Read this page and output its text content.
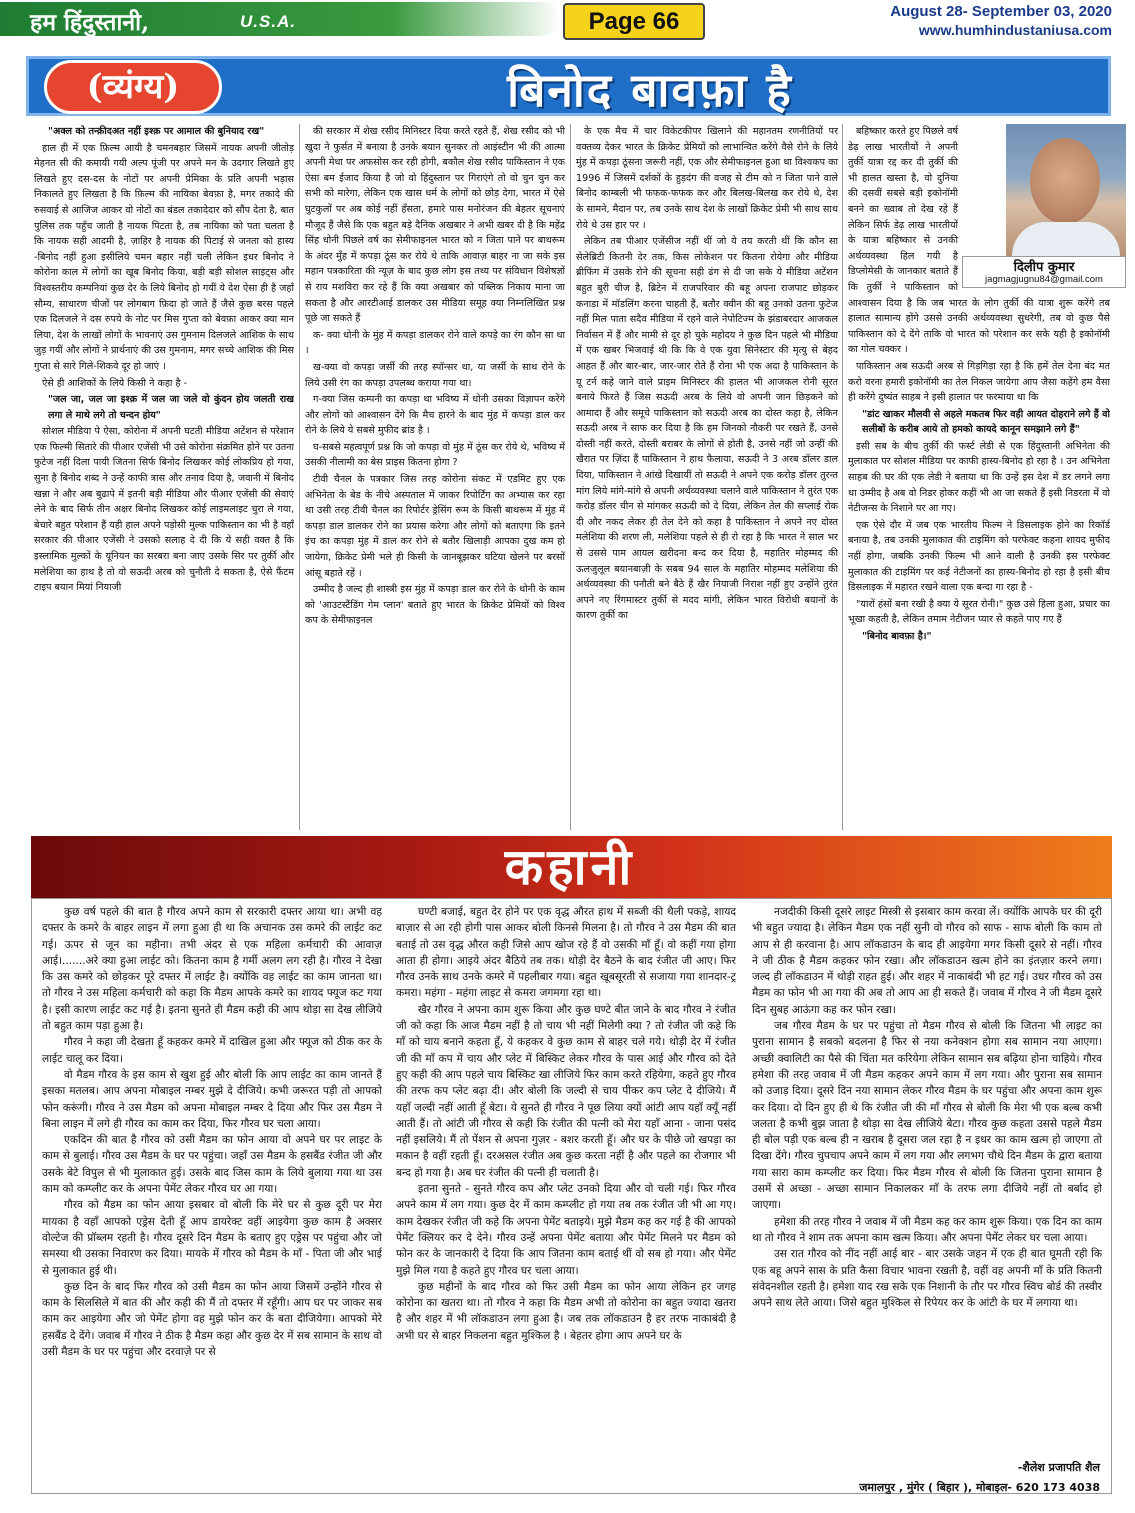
हम हिंदुस्तानी,	U.S.A.	Page 66	August 28- September 03, 2020
www.humhindustaniusa.com
(व्यंग्य)	बिनोद बावफ़ा है

"अक्ल को तन्क़ीदअत नहीं इश्क़ पर आमाल की बुनियाद रख"

हाल ही में एक फ़िल्म आयी है चमनबहार जिसमें नायक अपनी जीतोड़ मेहनत सी की कमायी गयी अल्प पूंजी पर अपने मन के उदगार लिखते हुए लिखते हुए दस-दस के नोटों पर अपनी प्रेमिका के प्रति अपनी भड़ास निकालते हुए लिखता है कि फ़िल्म की नायिका बेवफ़ा है, मगर तकादे की रुसवाई से आजिज आकर वो नोटों का बंडल तकादेदार को सौंप देता है, बात पुलिस तक पहुँच जाती है नायक पिटता है, तब नायिका को पता चलता है कि नायक सही आदमी है, ज़ाहिर है नायक की पिटाई से जनता को हास्य -बिनोद नहीं हुआ इसीलिये चमन बहार नहीं चली लेकिन इधर बिनोद ने कोरोना काल में लोगों का खूब बिनोद किया, बड़ी बड़ी सोशल साइट्स और विश्वस्तरीय कम्पनियां कुछ देर के लिये बिनोद हो गयीं ये देश ऐसा ही है जहाँ सौम्य, साधारण चीजों पर लोगबाग फ़िदा हो जाते हैं जैसे कुछ बरस पहले एक दिलजले ने दस रुपये के नोट पर मिस गुप्ता को बेवफ़ा आकर क्या मान लिया, देश के लाखों लोगों के भावनाएं उस गुमनाम दिलजले आशिक के साथ जुड़ गयीं और लोगों ने प्रार्थनाएं की उस गुमनाम, मगर सच्चे आशिक की मिस गुप्ता से सारे गिले-शिकवे दूर हो जाएं ।

ऐसे ही आशिकों के लिये किसी ने कहा है -

"जल जा, जल जा इश्क़ में जल जा जले वो कुंदन होय जलती राख लगा ले माथे लगे तो चन्दन होय"

सोशल मीडिया पे ऐसा, कोरोना में अपनी घटती मीडिया अटेंशन से परेशान एक फिल्मी सितारे की पीआर एजेंसी भी उसे कोरोना संक्रमित होने पर उतना फुटेज नहीं दिला पायी जितना सिर्फ बिनोद लिखकर कोई लोकप्रिय हो गया, सुना है बिनोद शब्द ने उन्हें काफी त्रास और तनाव दिया है, जवानी में बिनोद खन्ना ने और अब बुढापे में इतनी बड़ी मीडिया और पीआर एजेंसी की सेवाएं लेने के बाद सिर्फ तीन अक्षर बिनोद लिखकर कोई लाइमलाइट चुरा ले गया, बेचारे बहुत परेशान हैं यही हाल अपने पड़ोसी मुल्क पाकिस्तान का भी है वहाँ सरकार की पीआर एजेंसी ने उसको सलाह दे दी कि ये सही वक्त है कि इस्लामिक मुल्कों के यूनियन का सरबरा बना जाए उसके सिर पर तुर्की और मलेशिया का हाथ है तो वो सऊदी अरब को चुनौती दे सकता है, ऐसे फैंटम टाइप बयान मियां नियाजी

की सरकार में शेख रसीद मिनिस्टर दिया करते रहते हैं, शेख रसीद को भी खुदा ने फुर्सत में बनाया है उनके बयान सुनकर तो आइंस्टीन भी की आत्मा अपनी मेधा पर अफसोस कर रही होगी, बकौल शेख रसीद पाकिस्तान ने एक ऐसा बम ईजाद किया है जो वो हिंदुस्तान पर गिराएंगे तो वो चुन चुन कर सभी को मारेगा, लेकिन एक खास धर्म के लोगों को छोड़ देगा, भारत में ऐसे घुटकुलों पर अब कोई नहीं हँसता, हमारे पास मनोरंजन की बेहतर सूचनाएं मौजूद हैं जैसे कि एक बहुत बड़े दैनिक अखबार ने अभी खबर दी है कि महेंद्र सिंह धोनी पिछले वर्ष का सेमीफाइनल भारत को न जिता पाने पर बाथरूम के अंदर मुँह में कपड़ा ठूंस कर रोये थे ताकि आवाज़ बाहर ना जा सके इस महान पत्रकारिता की न्यूज़ के बाद कुछ लोग इस तथ्य पर संविधान विशेषज्ञों से राय मशविरा कर रहे हैं कि क्या अखबार को पब्लिक निकाय माना जा सकता है और आरटीआई डालकर उस मीडिया समूह क्या निम्नलिखित प्रश्न पूछे जा सकते हैं

क- क्या धोनी के मुंह में कपड़ा डालकर रोने वाले कपड़े का रंग कौन सा था ।

ख-क्या वो कपड़ा जर्सी की तरह स्पॉन्सर था, या जर्सी के साथ रोने के लिये उसी रंग का कपड़ा उपलब्ध कराया गया था।

ग-क्या जिस कम्पनी का कपड़ा था भविष्य में धोनी उसका विज्ञापन करेंगे और लोगों को आश्वासन देंगे कि मैच हारने के बाद मुंह में कपड़ा डाल कर रोने के लिये ये सबसे मुफीद ब्रांड है ।

घ-सबसे महत्वपूर्ण प्रश्न कि जो कपड़ा वो मुंह में ठूंस कर रोये थे, भविष्य में उसकी नीलामी का बेस प्राइस कितना होगा ?

टीवी चैनल के पत्रकार जिस तरह कोरोना संकट में एडमिट हुए एक अभिनेता के बेड के नीचे अस्पताल में जाकर रिपोर्टिंग का अभ्यास कर रहा था उसी तरह टीवी चैनल का रिपोर्टर ड्रेसिंग रूम के किसी बाथरूम में मुंह में कपड़ा डाल डालकर रोने का प्रयास करेगा और लोगों को बताएगा कि इतने इंच का कपड़ा मुंह में डाल कर रोने से बतौर खिलाड़ी आपका दुख कम हो जायेगा, क्रिकेट प्रेमी भले ही किसी के जानबूझकर घटिया खेलने पर बरसों आंसू बहाते रहें ।

उम्मीद है जल्द ही शास्त्री इस मुंह में कपड़ा डाल कर रोने के धोनी के काम को 'आउटस्टैंडिंग गेम प्लान' बताते हुए भारत के क्रिकेट प्रेमियों को विश्व कप के सेमीफाइनल

के एक मैच में चार विकेटकीपर खिलाने की महानतम रणनीतियों पर वक्तव्य देकर भारत के क्रिकेट प्रेमियों को लाभान्वित करेंगे वैसे रोने के लिये मुंह में कपड़ा ठूंसना जरूरी नहीं, एक और सेमीफाइनल हुआ था विश्वकप का 1996 में जिसमें दर्शकों के हुड़दंग की वजह से टीम को न जिता पाने वाले बिनोद काम्बली भी फफक-फफक कर और बिलख-बिलख कर रोये थे, देश के सामने, मैदान पर, तब उनके साथ देश के लाखों क्रिकेट प्रेमी भी साथ साथ रोये थे उस हार पर ।

लेकिन तब पीआर एजेंसीज नहीं थीं जो ये तय करती थीं कि कौन सा सेलेब्रिटी कितनी देर तक, किस लोकेशन पर कितना रोयेगा और मीडिया ब्रीफिंग में उसके रोने की सूचना सही ढंग से दी जा सके ये मीडिया अटेंशन बहुत बुरी चीज है, ब्रिटेन में राजपरिवार की बहू अपना राजपाट छोड़कर कनाडा में मॉडलिंग करना चाहती हैं, बतौर क्वीन की बहू उनको उतना फुटेज नहीं मिल पाता सदैव मीडिया में रहने वाले नेपोटिज्म के झंडाबरदार आजकल निर्वासन में हैं और मामी से दूर हो चुके महोदय ने कुछ दिन पहले भी मीडिया में एक खबर भिजवाई थी कि कि वे एक युवा सिनेस्टार की मृत्यु से बेहद आहत हैं और बार-बार, जार-जार रोते हैं रोना भी एक अदा है पाकिस्तान के यू टर्न कहे जाने वाले प्राइम मिनिस्टर की हालत भी आजकल रोनी सूरत बनाये फिरते हैं जिस सऊदी अरब के लिये वो अपनी जान छिड़कने को आमादा हैं और समूचे पाकिस्तान को सऊदी अरब का दोस्त कहा है, लेकिन सऊदी अरब ने साफ कर दिया है कि हम जिनको नौकरी पर रखते हैं, उनसे दोस्ती नहीं करते, दोस्ती बराबर के लोगों से होती है, उनसे नहीं जो उन्हीं की खैरात पर ज़िंदा हैं पाकिस्तान ने हाथ फैलाया, सऊदी ने 3 अरब डॉलर डाल दिया, पाकिस्तान ने आंखे दिखायीं तो सऊदी ने अपने एक करोड़ डॉलर तुरन्त मांग लिये मांगे-मांगे से अपनी अर्थव्यवस्था चलाने वाले पाकिस्तान ने तुरंत एक करोड़ डॉलर चीन से मांगकर सऊदी को दे दिया, लेकिन तेल की सप्लाई रोक दी और नकद लेकर ही तेल देने को कहा है पाकिस्तान ने अपने नए दोस्त मलेशिया की शरण ली, मलेशिया पहले से ही रो रहा है कि भारत ने साल भर से उससे पाम आयल खरीदना बन्द कर दिया है, महातिर मोहम्मद की ऊलजुलूल बयानबाज़ी के सबब 94 साल के महातिर मोहम्मद मलेशिया की अर्थव्यवस्था की पनौती बने बैठे हैं खैर नियाजी निराश नहीं हुए उन्होंने तुरंत अपने नए रिंगमास्टर तुर्की से मदद मांगी, लेकिन भारत विरोधी बयानों के कारण तुर्की का

बहिष्कार करते हुए पिछले वर्ष डेढ़ लाख भारतीयों ने अपनी तुर्की यात्रा रद्द कर दी तुर्की की भी हालत खस्ता है, वो दुनिया की दसवीं सबसे बड़ी इकोनॉमी बनने का ख्वाब तो देख रहे हैं लेकिन सिर्फ डेढ़ लाख भारतीयों के यात्रा बहिष्कार से उनकी अर्थव्यवस्था हिल गयी है डिप्लोमेसी के जानकार बताते हैं कि तुर्की ने पाकिस्तान को आश्वासन दिया है कि जब भारत के लोग तुर्की की यात्रा शुरू करेंगे तब हालात सामान्य होंगे उससे उनकी अर्थव्यवस्था सुधरेगी, तब वो कुछ पैसे पाकिस्तान को दे देंगे ताकि वो भारत को परेशान कर सके यही है इकोनॉमी का गोल चक्कर ।

पाकिस्तान अब सऊदी अरब से गिड़गिड़ा रहा है कि हमें तेल देना बंद मत करो वरना हमारी इकोनॉमी का तेल निकल जायेगा आप जैसा कहेंगे हम वैसा ही करेंगे दुष्यंत साहब ने इसी हालात पर फरमाया था कि

"डांट खाकर मौलवी से अहले मकतब फिर वही आयत दोहराने लगे हैं वो सलीबों के करीब आये तो हमको कायदे कानून समझाने लगे हैं"

इसी सब के बीच तुर्की की फर्स्ट लेडी से एक हिंदुस्तानी अभिनेता की मुलाकात पर सोशल मीडिया पर काफी हास्य-बिनोद हो रहा है । उन अभिनेता साहब की घर की एक लेडी ने बताया था कि उन्हें इस देश में डर लगने लगा था उम्मीद है अब वो निडर होकर कहीं भी आ जा सकते हैं इसी निडरता में वो नेटीजन्स के निशाने पर आ गए।

एक ऐसे दौर में जब एक भारतीय फिल्म ने डिसलाइक होने का रिकॉर्ड बनाया है, तब उनकी मुलाकात की टाइमिंग को परफेक्ट कहना शायद मुफीद नहीं होगा, जबकि उनकी फिल्म भी आने वाली है उनकी इस परफेक्ट मुलाकात की टाइमिंग पर कई नेटीजनों का हास्य-बिनोद हो रहा है इसी बीच डिसलाइक में महारत रखने वाला एक बन्दा गा रहा है -

"यारों हंसों बना रखी है क्या ये सूरत रोनी।" कुछ उसे हिला हुआ, प्रचार का भूखा कहती है, लेकिन तमाम नेटीजन प्यार से कहते पाए गए हैं

"बिनोद बावफ़ा है।"

दिलीप कुमार
jagmagjugnu84@gmail.com
कहानी

कुछ वर्ष पहले की बात है गौरव अपने काम से सरकारी दफ्तर आया था। अभी वह दफ्तर के कमरे के बाहर लाइन में लगा हुआ ही था कि अचानक उस कमरे की लाईट कट गई। ऊपर से जून का महीना। तभी अंदर से एक महिला कर्मचारी की आवाज़ आई।.......अरे क्या हुआ लाईट को। कितना काम है गर्मी अलग लग रही है। गौरव ने देखा कि उस कमरे को छोड़कर पूरे दफ्तर में लाईट है। क्योंकि वह लाईट का काम जानता था। तो गौरव ने उस महिला कर्मचारी को कहा कि मैडम आपके कमरे का शायद फ्यूज कट गया है। इसी कारण लाईट कट गई है। इतना सुनते ही मैडम कही की आप थोड़ा सा देख लीजिये तो बहुत काम पड़ा हुआ है।

गौरव ने कहा जी देखता हूँ कहकर कमरे में दाखिल हुआ और फ्यूज को ठीक कर के लाईट चालू कर दिया।

वो मैडम गौरव के इस काम से खुश हुई और बोली कि आप लाईट का काम जानते हैं इसका मतलब। आप अपना मोबाइल नम्बर मुझे दे दीजिये। कभी जरूरत पड़ी तो आपको फोन करूंगी। गौरव ने उस मैडम को अपना मोबाइल नम्बर दे दिया और फिर उस मैडम ने बिना लाइन में लगे ही गौरव का काम कर दिया, फिर गौरव घर चला आया।

एकदिन की बात है गौरव को उसी मैडम का फोन आया वो अपने घर पर लाइट के काम से बुलाई। गौरव उस मैडम के घर पर पहुंचा। जहाँ उस मैडम के हसबैंड रंजीत जी और उसके बेटे विपुल से भी मुलाकात हुई। उसके बाद जिस काम के लिये बुलाया गया था उस काम को कम्प्लीट कर के अपना पेमेंट लेकर गौरव घर आ गया।

गौरव को मैडम का फोन आया इसबार वो बोली कि मेरे घर से कुछ दूरी पर मेरा मायका है वहाँ आपको एड्रेस देती हूँ आप डायरेक्ट वहीं आइयेगा कुछ काम है अक्सर वोल्टेज की प्रॉब्लम रहती है। गौरव दूसरे दिन मैडम के बताए हुए एड्रेस पर पहुंचा और जो समस्या थी उसका निवारण कर दिया। मायके में गौरव को मैडम के माँ - पिता जी और भाई से मुलाकात हुई थी।

कुछ दिन के बाद फिर गौरव को उसी मैडम का फोन आया जिसमें उन्होंने गौरव से काम के सिलसिले में बात की और कही की मैं तो दफ्तर में रहूँगी। आप घर पर जाकर सब काम कर आइयेगा और जो पेमेंट होगा वह मुझे फोन कर के बता दीजियेगा। आपको मेरे हसबैंड दे देंगे। जवाब में गौरव ने ठीक है मैडम कहा और कुछ देर में सब सामान के साथ वो उसी मैडम के घर पर पहुंचा और दरवाज़े पर से

घण्टी बजाई, बहुत देर होने पर एक वृद्ध औरत हाथ में सब्जी की थैली पकड़े, शायद बाज़ार से आ रही होगी पास आकर बोली किनसे मिलना है। तो गौरव ने उस मैडम की बात बताई तो उस वृद्ध औरत कही जिसे आप खोज रहे हैं वो उसकी माँ हूँ। वो कहीं गया होगा आता ही होगा। आइये अंदर बैठिये तब तक। थोड़ी देर बैठने के बाद रंजीत जी आए। फिर गौरव उनके साथ उनके कमरे में पहलीबार गया। बहुत खूबसूरती से सजाया गया शानदार-ट्र कमरा। महंगा - महंगा लाइट से कमरा जगमगा रहा था।

खैर गौरव ने अपना काम शुरू किया और कुछ घण्टे बीत जाने के बाद गौरव ने रंजीत जी को कहा कि आज मैडम नहीं है तो चाय भी नहीं मिलेगी क्या ? तो रंजीत जी कहे कि माँ को चाय बनाने कहता हूँ, ये कहकर वे कुछ काम से बाहर चले गये। थोड़ी देर में रंजीत जी की माँ कप में चाय और प्लेट में बिस्किट लेकर गौरव के पास आई और गौरव को देते हुए कही की आप पहले चाय बिस्किट खा लीजिये फिर काम करते रहियेगा, कहते हुए गौरव की तरफ कप प्लेट बढ़ा दी। और बोली कि जल्दी से चाय पीकर कप प्लेट दे दीजिये। मैं यहाँ जल्दी नहीं आती हूँ बेटा। ये सुनते ही गौरव ने पूछ लिया क्यों आंटी आप यहाँ क्यूँ नहीं आती हैं। तो आंटी जी गौरव से कही कि रंजीत की पत्नी को मेरा यहाँ आना - जाना पसंद नहीं इसलिये। मैं तो पेंशन से अपना गुज़र - बशर करती हूँ। और घर के पीछे जो खपड़ा का मकान है वहीं रहती हूँ। दरअसल रंजीत अब कुछ करता नहीं है और पहले का रोजगार भी बन्द हो गया है। अब घर रंजीत की पत्नी ही चलाती है।

इतना सुनते - सुनते गौरव कप और प्लेट उनको दिया और वो चली गई। फिर गौरव अपने काम में लग गया। कुछ देर में काम कम्प्लीट हो गया तब तक रंजीत जी भी आ गए। काम देखकर रंजीत जी कहे कि अपना पेमेंट बताइये। मुझे मैडम कह कर गई है की आपको पेमेंट क्लियर कर दे देने। गौरव उन्हें अपना पेमेंट बताया और पेमेंट मिलने पर मैडम को फोन कर के जानकारी दे दिया कि आप जितना काम बताई थीं वो सब हो गया। और पेमेंट मुझे मिल गया है कहते हुए गौरव घर चला आया।

कुछ महीनों के बाद गौरव को फिर उसी मैडम का फोन आया लेकिन हर जगह कोरोना का खतरा था। तो गौरव ने कहा कि मैडम अभी तो कोरोना का बहुत ज्यादा खतरा है और शहर में भी लॉकडाउन लगा हुआ है। जब तक लॉकडाउन है हर तरफ नाकाबंदी है अभी घर से बाहर निकलना बहुत मुश्किल है । बेहतर होगा आप अपने घर के

नजदीकी किसी दूसरे लाइट मिस्त्री से इसबार काम करवा लें। क्योंकि आपके घर की दूरी भी बहुत ज्यादा है। लेकिन मैडम एक नहीं सुनी वो गौरव को साफ - साफ बोली कि काम तो आप से ही करवाना है। आप लॉकडाउन के बाद ही आइयेगा मगर किसी दूसरे से नहीं। गौरव ने जी ठीक है मैडम कहकर फोन रखा। और लॉकडाउन खत्म होने का इंतज़ार करने लगा। जल्द ही लॉकडाउन में थोड़ी राहत हुई। और शहर में नाकाबंदी भी हट गई। उधर गौरव को उस मैडम का फोन भी आ गया की अब तो आप आ ही सकते हैं। जवाब में गौरव ने जी मैडम दूसरे दिन सुबह आऊंगा कह कर फोन रखा।

जब गौरव मैडम के घर पर पहुंचा तो मैडम गौरव से बोली कि जितना भी लाइट का पुराना सामान है सबको बदलना है फिर से नया कनेक्शन होगा सब सामान नया आएगा। अच्छी क्वालिटी का पैसे की चिंता मत करियेगा लेकिन सामान सब बढ़िया होना चाहिये। गौरव हमेशा की तरह जवाब में जी मैडम कहकर अपने काम में लग गया। और पुराना सब सामान को उजाड़ दिया। दूसरे दिन नया सामान लेकर गौरव मैडम के घर पहुंचा और अपना काम शुरू कर दिया। दो दिन हुए ही थे कि रंजीत जी की माँ गौरव से बोली कि मेरा भी एक बल्ब कभी जलता है कभी बुझ जाता है थोड़ा सा देख लीजिये बेटा। गौरव कुछ कहता उससे पहले मैडम ही बोल पड़ी एक बल्ब ही न खराब है दूसरा जल रहा है न इधर का काम खत्म हो जाएगा तो दिखा देंगे। गौरव चुपचाप अपने काम में लग गया और लगभग चौथे दिन मैडम के द्वारा बताया गया सारा काम कम्प्लीट कर दिया। फिर मैडम गौरव से बोली कि जितना पुराना सामान है उसमें से अच्छा - अच्छा सामान निकालकर माँ के तरफ लगा दीजिये नहीं तो बर्बाद हो जाएगा।

हमेशा की तरह गौरव ने जवाब में जी मैडम कह कर काम शुरू किया। एक दिन का काम था तो गौरव ने शाम तक अपना काम खत्म किया। और अपना पेमेंट लेकर घर चला आया।

उस रात गौरव को नींद नहीं आई बार - बार उसके जहन में एक ही बात घूमती रही कि एक बहू अपने सास के प्रति कैसा विचार भावना रखती है, वहीं वह अपनी माँ के प्रति कितनी संवेदनशील रहती है। हमेशा याद रख सके एक निशानी के तौर पर गौरव स्विच बोर्ड की तस्वीर अपने साथ लेते आया। जिसे बहुत मुश्किल से रिपेयर कर के आंटी के घर में लगाया था।

-शैलेश प्रजापति शैल
जमालपुर , मुंगेर ( बिहार ), मोबाइल- 620 173 4038
